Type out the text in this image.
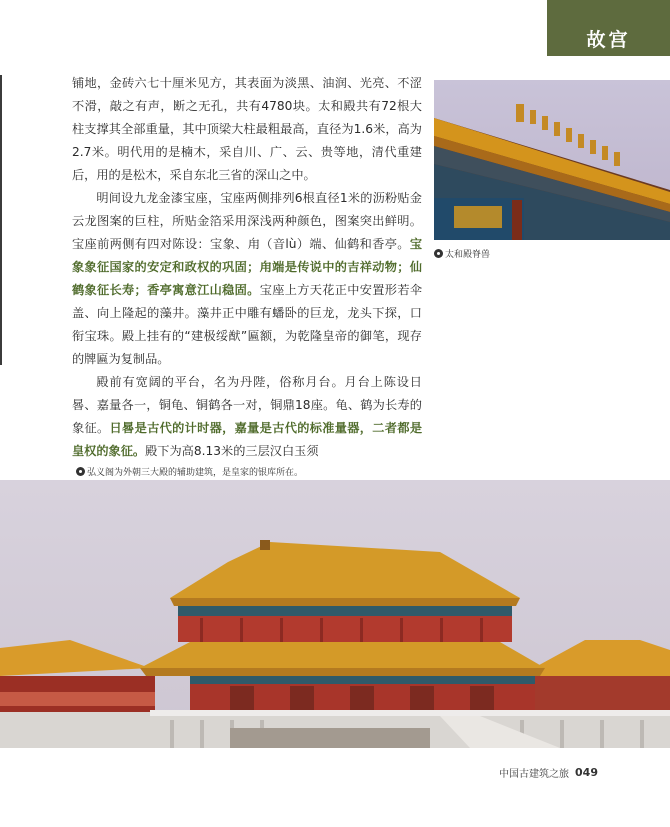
故宫

铺地，金砖六七十厘米见方，其表面为淡黑、油润、光亮、不涩不滑，敲之有声，断之无孔，共有4780块。太和殿共有72根大柱支撑其全部重量，其中顶梁大柱最粗最高，直径为1.6米，高为2.7米。明代用的是楠木，采自川、广、云、贵等地，清代重建后，用的是松木，采自东北三省的深山之中。

明间设九龙金漆宝座，宝座两侧排列6根直径1米的沥粉贴金云龙图案的巨柱，所贴金箔采用深浅两种颜色，图案突出鲜明。宝座前两侧有四对陈设：宝象、甪（音lù）端、仙鹤和香亭。宝象象征国家的安定和政权的巩固；甪端是传说中的吉祥动物；仙鹤象征长寿；香亭寓意江山稳固。宝座上方天花正中安置形若伞盖、向上隆起的藻井。藻井正中雕有蟠卧的巨龙，龙头下探，口衔宝珠。殿上挂有的“建极绥猷”匾额，为乾隆皇帝的御笔，现存的牌匾为复制品。

殿前有宽阔的平台，名为丹陛，俗称月台。月台上陈设日晷、嘉量各一，铜龟、铜鹤各一对，铜鼎18座。龟、鹤为长寿的象征。日晷是古代的计时器，嘉量是古代的标准量器，二者都是皇权的象征。殿下为高8.13米的三层汉白玉须

太和殿脊兽
弘义阁为外朝三大殿的辅助建筑，是皇家的银库所在。
中国古建筑之旅 049
